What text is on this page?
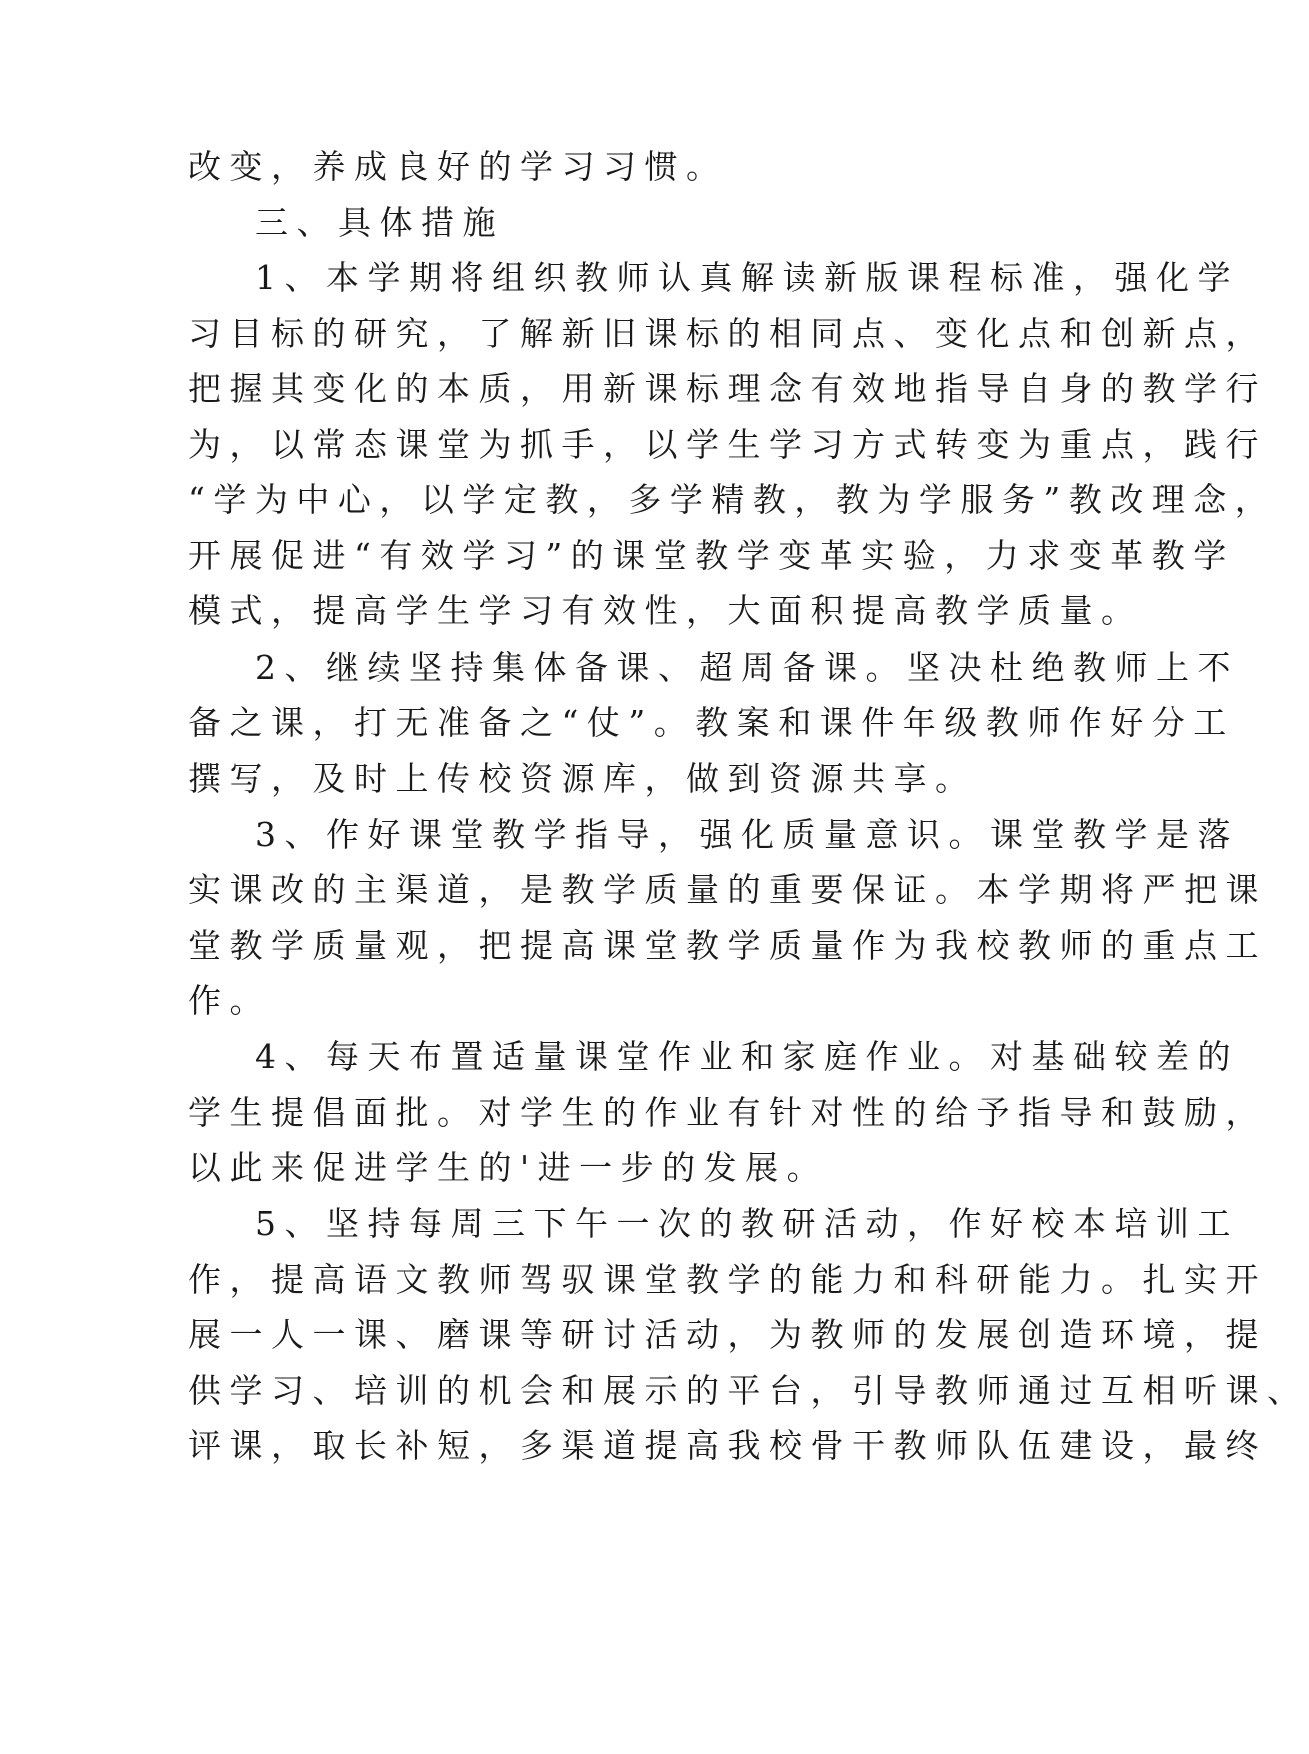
改变，养成良好的学习习惯。
三、具体措施
1、本学期将组织教师认真解读新版课程标准，强化学
习目标的研究，了解新旧课标的相同点、变化点和创新点，
把握其变化的本质，用新课标理念有效地指导自身的教学行
为，以常态课堂为抓手，以学生学习方式转变为重点，践行
“学为中心，以学定教，多学精教，教为学服务”教改理念，
开展促进“有效学习”的课堂教学变革实验，力求变革教学
模式，提高学生学习有效性，大面积提高教学质量。
2、继续坚持集体备课、超周备课。坚决杜绝教师上不
备之课，打无准备之“仗”。教案和课件年级教师作好分工
撰写，及时上传校资源库，做到资源共享。
3、作好课堂教学指导，强化质量意识。课堂教学是落
实课改的主渠道，是教学质量的重要保证。本学期将严把课
堂教学质量观，把提高课堂教学质量作为我校教师的重点工
作。
4、每天布置适量课堂作业和家庭作业。对基础较差的
学生提倡面批。对学生的作业有针对性的给予指导和鼓励，
以此来促进学生的'进一步的发展。
5、坚持每周三下午一次的教研活动，作好校本培训工
作，提高语文教师驾驭课堂教学的能力和科研能力。扎实开
展一人一课、磨课等研讨活动，为教师的发展创造环境，提
供学习、培训的机会和展示的平台，引导教师通过互相听课、
评课，取长补短，多渠道提高我校骨干教师队伍建设，最终
